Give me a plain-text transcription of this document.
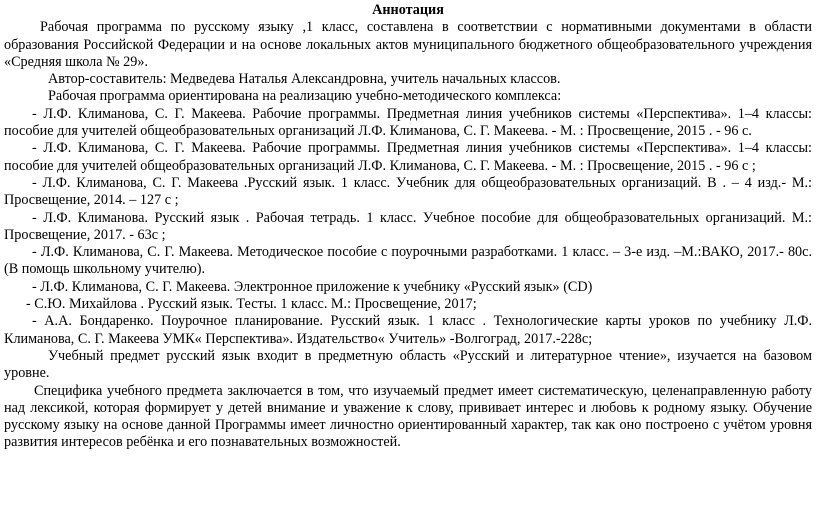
Аннотация

Рабочая программа по русскому языку ,1 класс, составлена в соответствии с нормативными документами в области образования Российской Федерации и на основе локальных актов муниципального бюджетного общеобразовательного учреждения «Средняя школа № 29».

Автор-составитель: Медведева Наталья Александровна, учитель начальных классов.

Рабочая программа ориентирована на реализацию учебно-методического комплекса:

- Л.Ф. Климанова, С. Г. Макеева. Рабочие программы. Предметная линия учебников системы «Перспектива». 1–4 классы: пособие для учителей общеобразовательных организаций Л.Ф. Климанова, С. Г. Макеева. - М. : Просвещение, 2015 . - 96 с.

- Л.Ф. Климанова, С. Г. Макеева. Рабочие программы. Предметная линия учебников системы «Перспектива». 1–4 классы: пособие для учителей общеобразовательных организаций Л.Ф. Климанова, С. Г. Макеева. - М. : Просвещение, 2015 . - 96 с ;

- Л.Ф. Климанова, С. Г. Макеева .Русский язык. 1 класс. Учебник для общеобразовательных организаций. В . – 4 изд.- М.: Просвещение, 2014. – 127 с ;

- Л.Ф. Климанова. Русский язык . Рабочая тетрадь. 1 класс. Учебное пособие для общеобразовательных организаций. М.: Просвещение, 2017. - 63с ;

- Л.Ф. Климанова, С. Г. Макеева. Методическое пособие с поурочными разработками. 1 класс. – 3-е изд. –М.:ВАКО, 2017.- 80с.(В помощь школьному учителю).

- Л.Ф. Климанова, С. Г. Макеева. Электронное приложение к учебнику «Русский язык» (CD)

- С.Ю. Михайлова . Русский язык. Тесты. 1 класс. М.: Просвещение, 2017;

- А.А. Бондаренко. Поурочное планирование. Русский язык. 1 класс . Технологические карты уроков по учебнику Л.Ф. Климанова, С. Г. Макеева УМК« Перспектива». Издательство« Учитель» -Волгоград, 2017.-228с;

Учебный предмет русский язык входит в предметную область «Русский и литературное чтение», изучается на базовом уровне.

Специфика учебного предмета заключается в том, что изучаемый предмет имеет систематическую, целенаправленную работу над лексикой, которая формирует у детей внимание и уважение к слову, прививает интерес и любовь к родному языку. Обучение русскому языку на основе данной Программы имеет личностно ориентированный характер, так как оно построено с учётом уровня развития интересов ребёнка и его познавательных возможностей.
